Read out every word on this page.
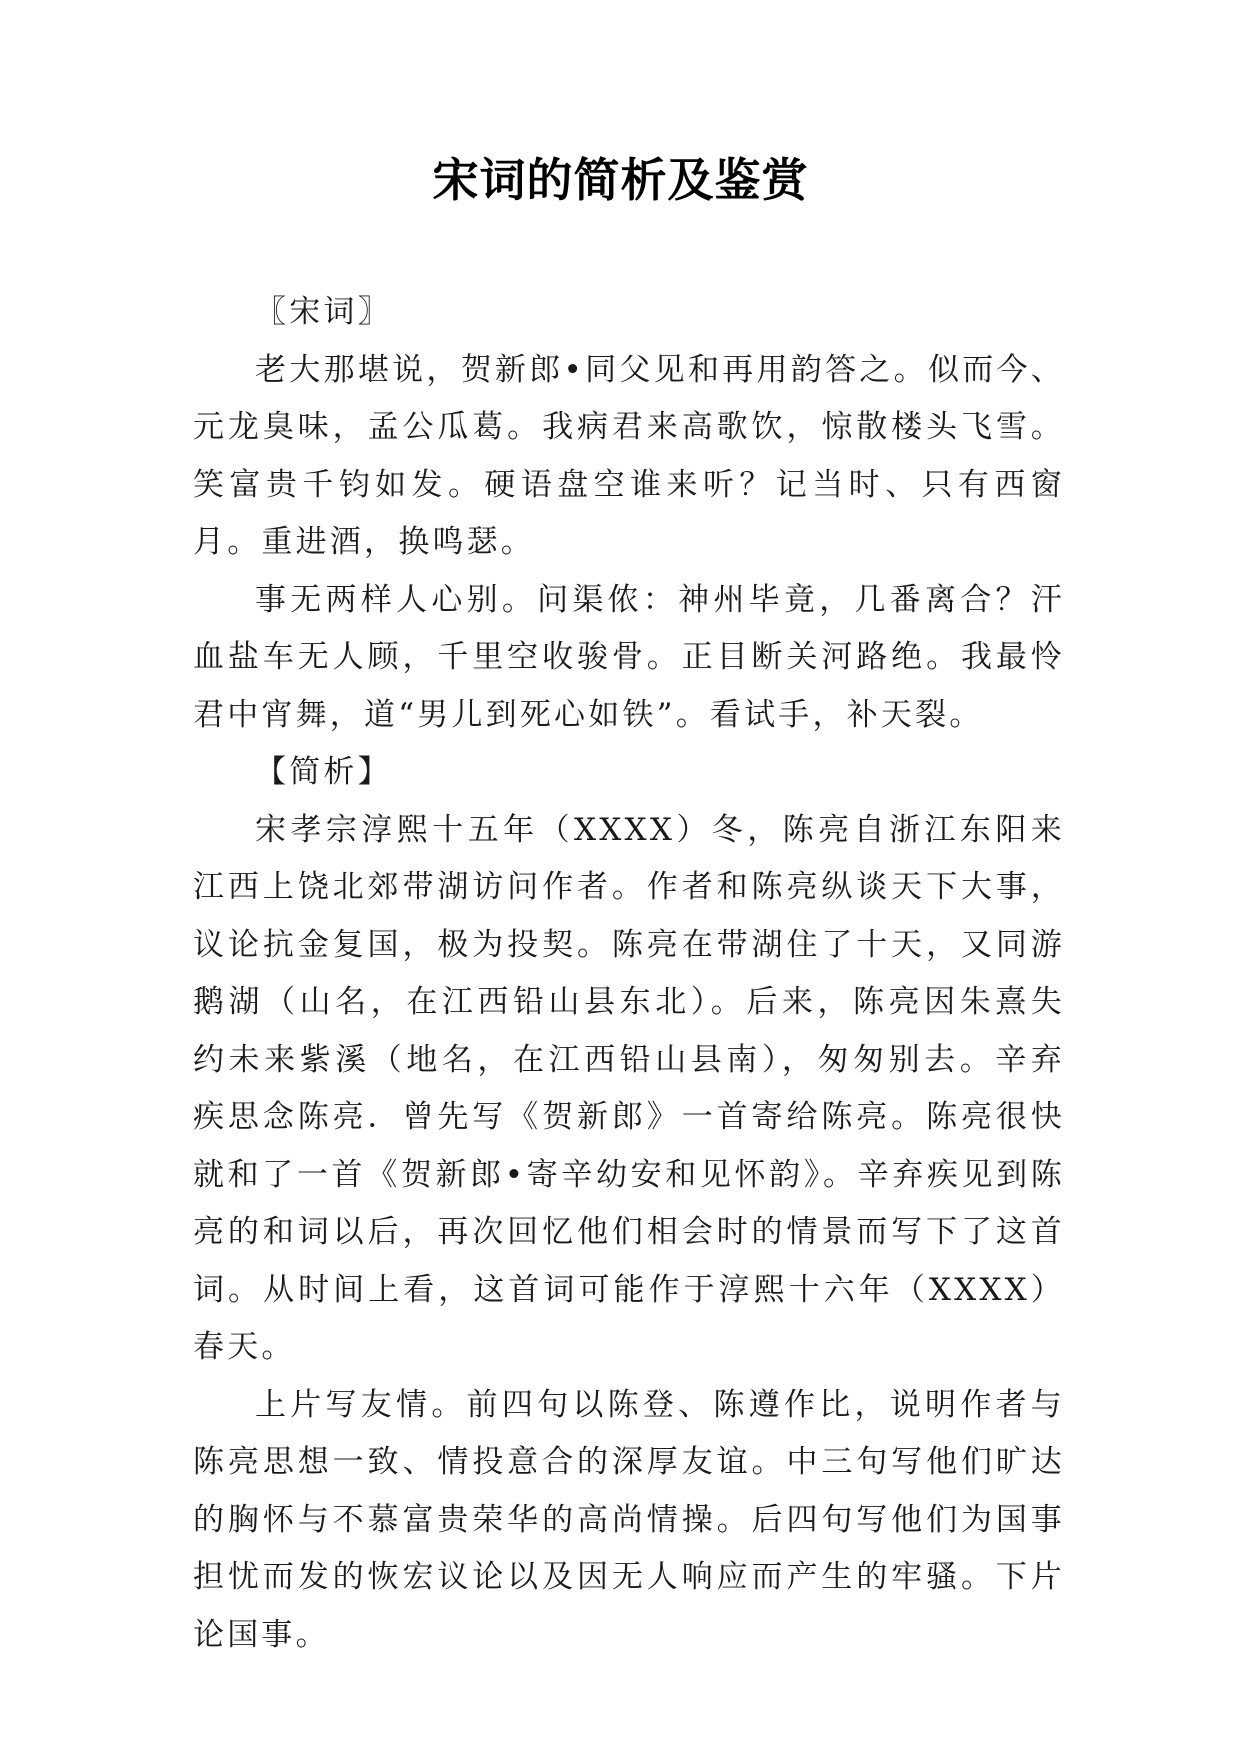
宋词的简析及鉴赏

〖宋词〗

老大那堪说，贺新郎•同父见和再用韵答之。似而今、元龙臭味，孟公瓜葛。我病君来高歌饮，惊散楼头飞雪。笑富贵千钧如发。硬语盘空谁来听？记当时、只有西窗月。重进酒，换鸣瑟。

事无两样人心别。问渠侬：神州毕竟，几番离合？汗血盐车无人顾，千里空收骏骨。正目断关河路绝。我最怜君中宵舞，道“男儿到死心如铁”。看试手，补天裂。

【简析】

宋孝宗淳熙十五年（XXXX）冬，陈亮自浙江东阳来江西上饶北郊带湖访问作者。作者和陈亮纵谈天下大事，议论抗金复国，极为投契。陈亮在带湖住了十天，又同游鹅湖（山名，在江西铅山县东北）。后来，陈亮因朱熹失约未来紫溪（地名，在江西铅山县南），匆匆别去。辛弃疾思念陈亮．曾先写《贺新郎》一首寄给陈亮。陈亮很快就和了一首《贺新郎•寄辛幼安和见怀韵》。辛弃疾见到陈亮的和词以后，再次回忆他们相会时的情景而写下了这首词。从时间上看，这首词可能作于淳熙十六年（XXXX）春天。

上片写友情。前四句以陈登、陈遵作比，说明作者与陈亮思想一致、情投意合的深厚友谊。中三句写他们旷达的胸怀与不慕富贵荣华的高尚情操。后四句写他们为国事担忧而发的恢宏议论以及因无人响应而产生的牢骚。下片论国事。
